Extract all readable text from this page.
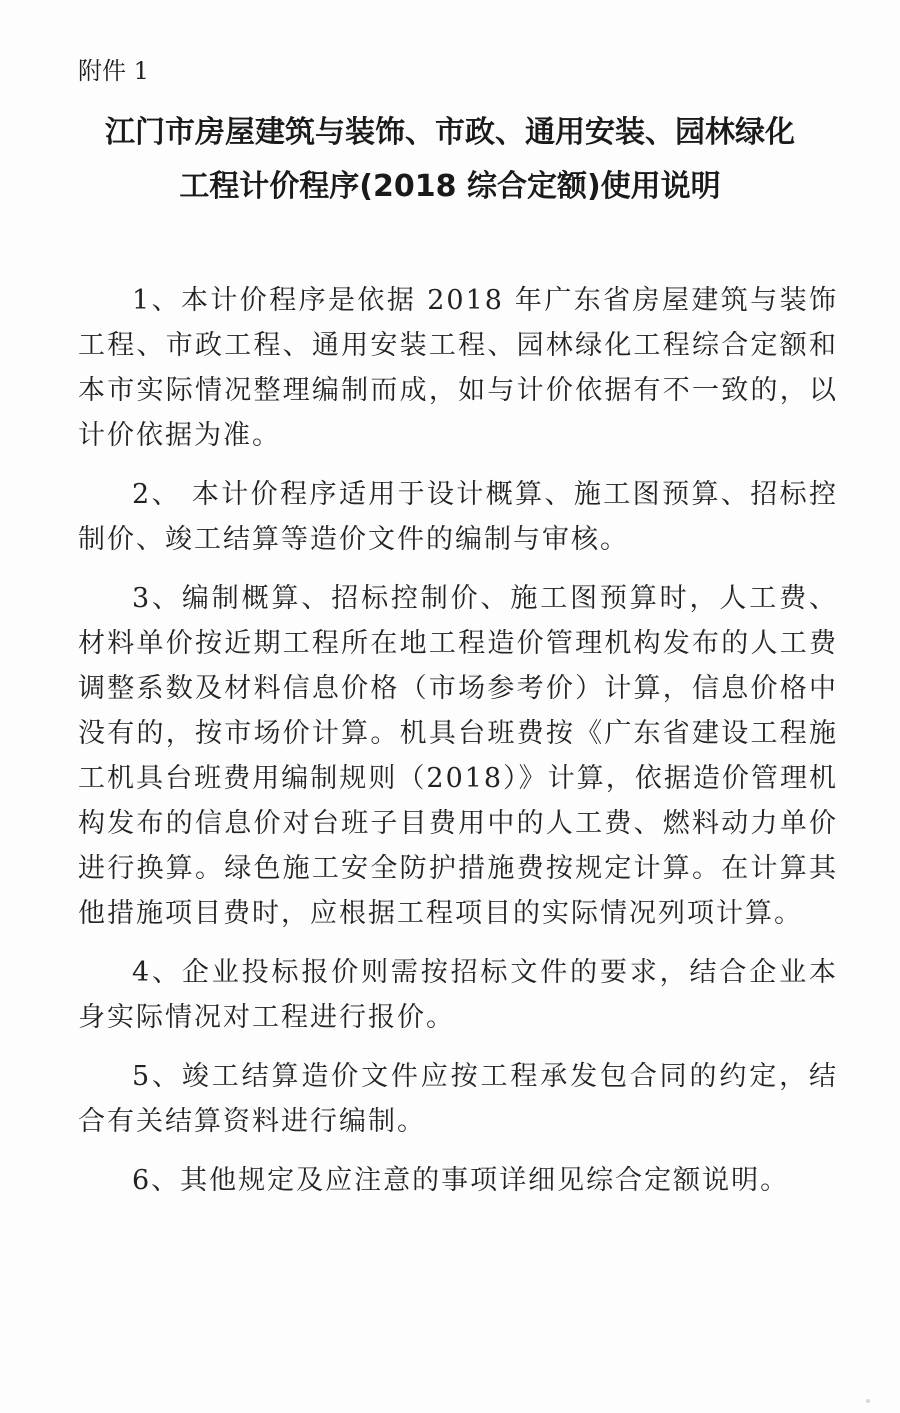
附件 1
江门市房屋建筑与装饰、市政、通用安装、园林绿化
工程计价程序(2018 综合定额)使用说明

1、本计价程序是依据 2018 年广东省房屋建筑与装饰工程、市政工程、通用安装工程、园林绿化工程综合定额和本市实际情况整理编制而成，如与计价依据有不一致的，以计价依据为准。

2、 本计价程序适用于设计概算、施工图预算、招标控制价、竣工结算等造价文件的编制与审核。

3、编制概算、招标控制价、施工图预算时，人工费、材料单价按近期工程所在地工程造价管理机构发布的人工费调整系数及材料信息价格（市场参考价）计算，信息价格中没有的，按市场价计算。机具台班费按《广东省建设工程施工机具台班费用编制规则（2018）》计算，依据造价管理机构发布的信息价对台班子目费用中的人工费、燃料动力单价进行换算。绿色施工安全防护措施费按规定计算。在计算其他措施项目费时，应根据工程项目的实际情况列项计算。

4、企业投标报价则需按招标文件的要求，结合企业本身实际情况对工程进行报价。

5、竣工结算造价文件应按工程承发包合同的约定，结合有关结算资料进行编制。

6、其他规定及应注意的事项详细见综合定额说明。
